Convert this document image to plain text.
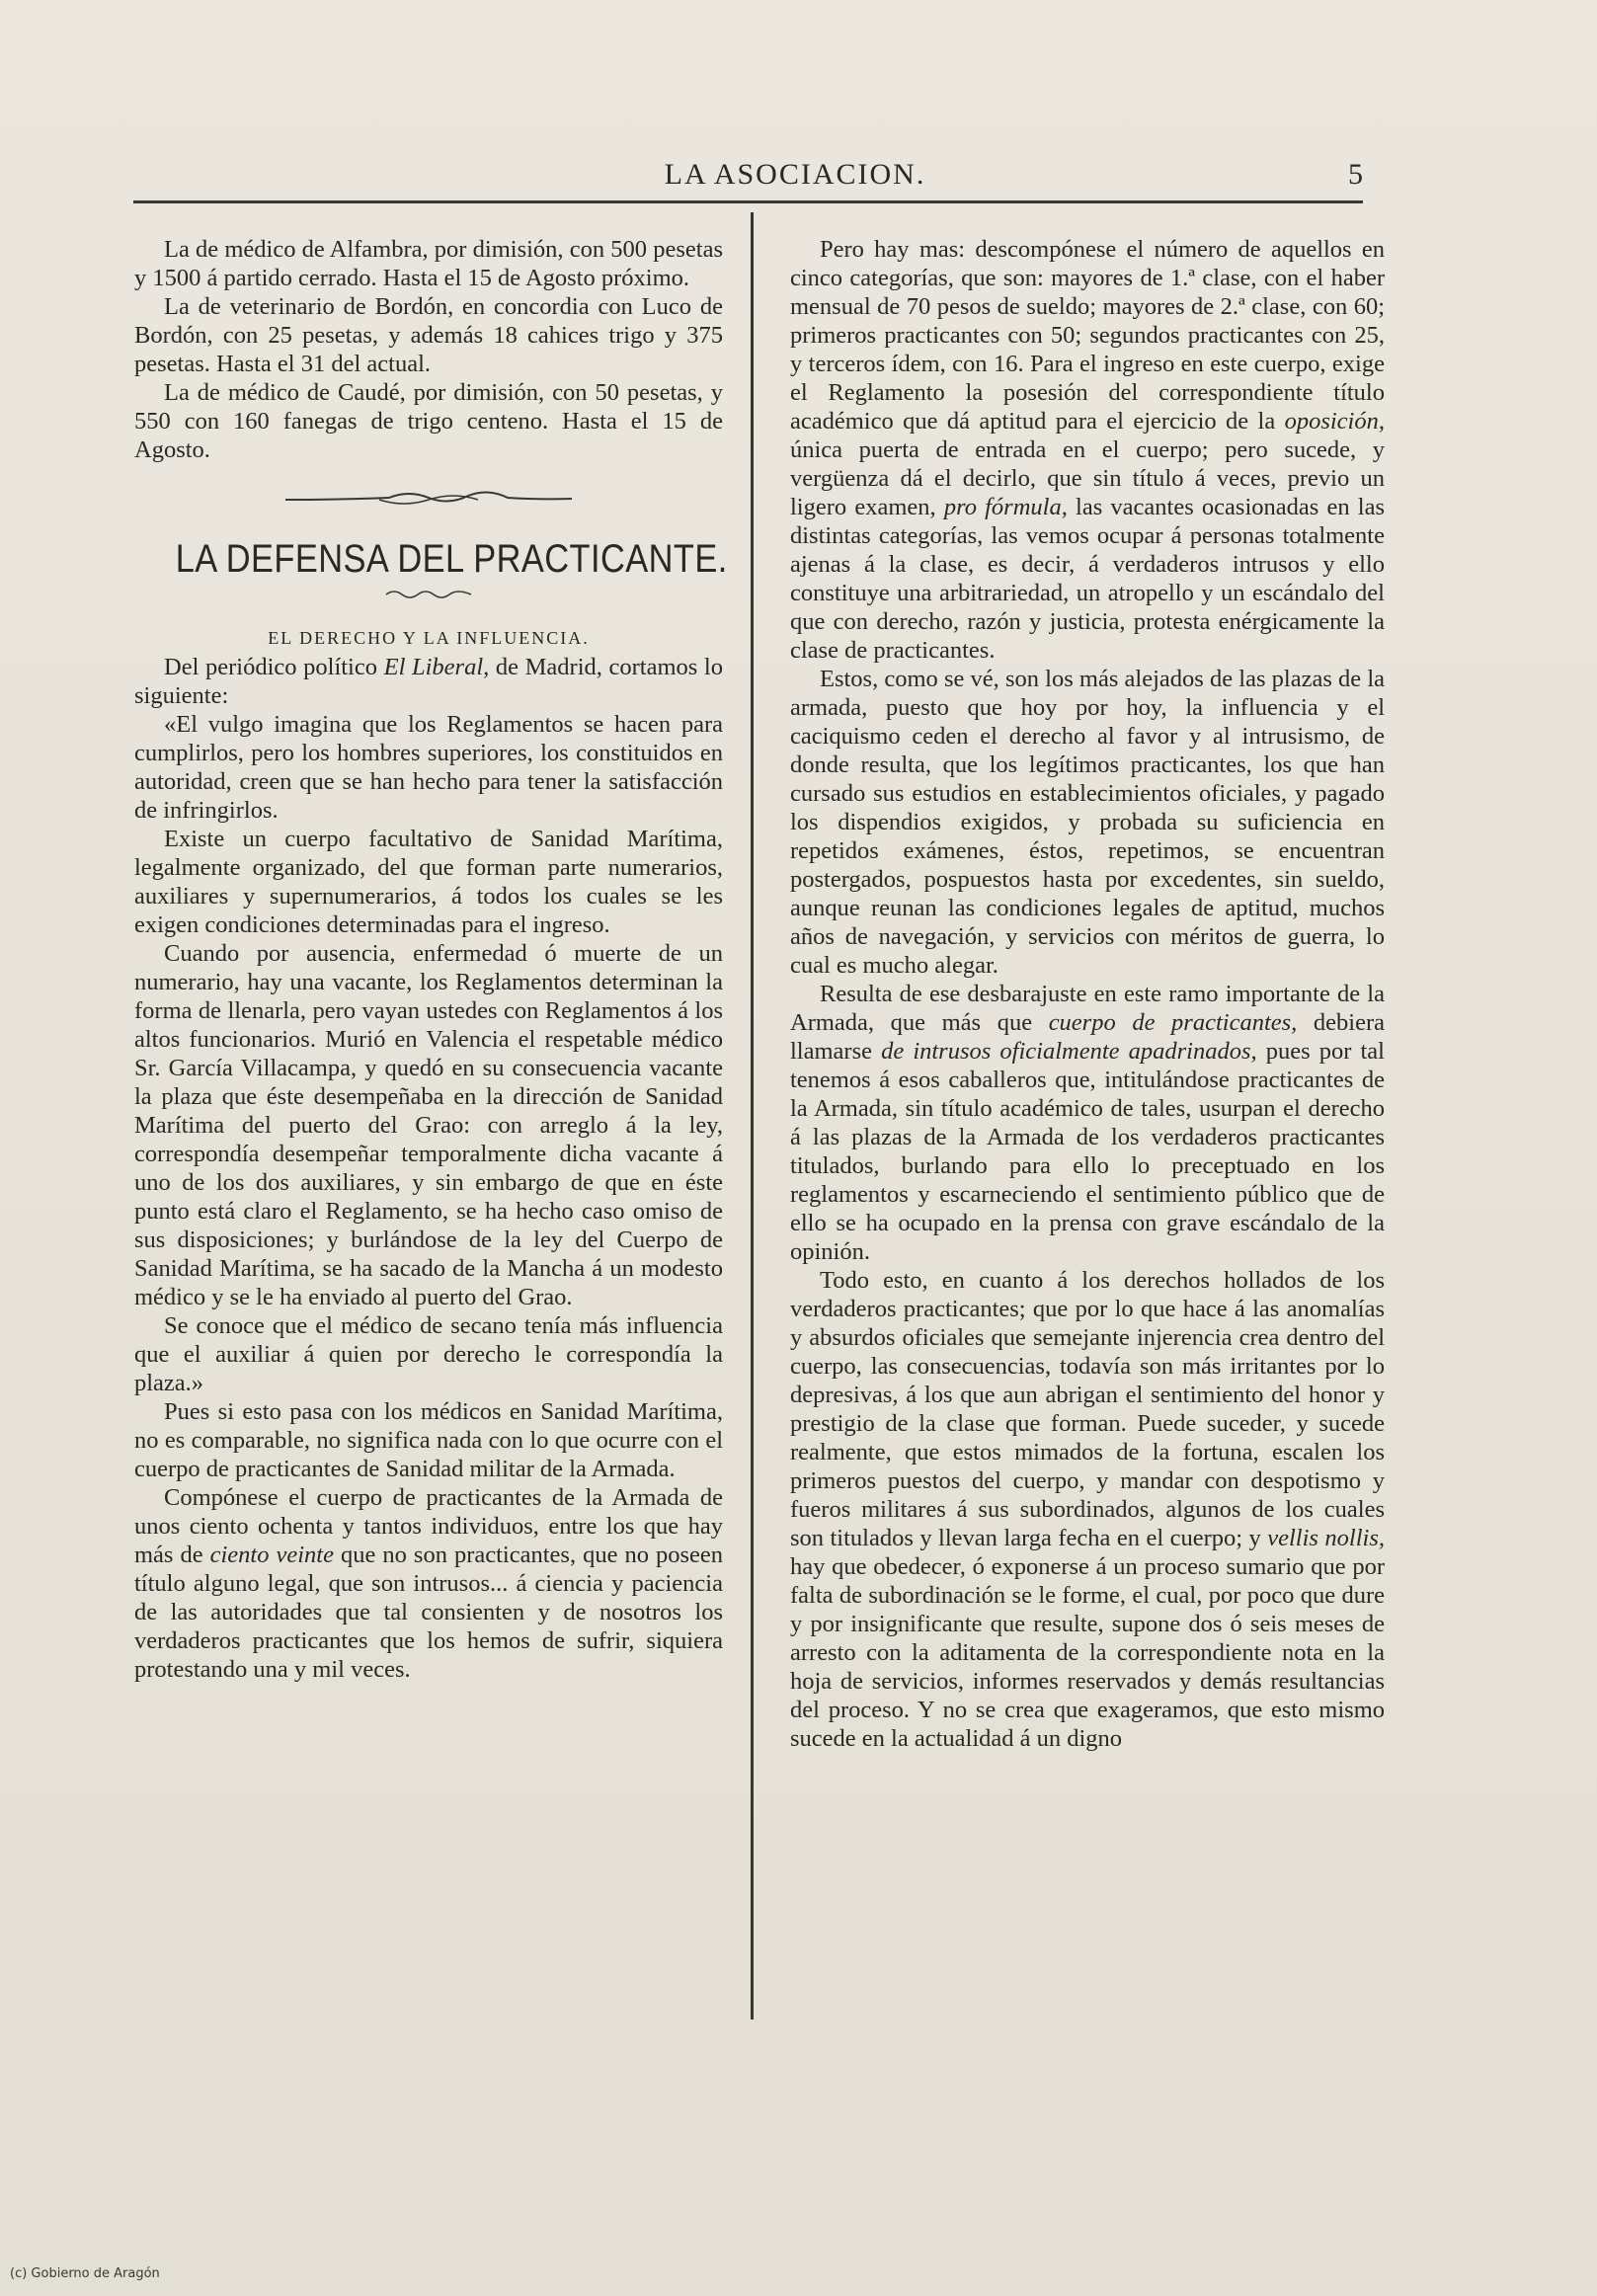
LA ASOCIACION.	5

La de médico de Alfambra, por dimisión, con 500 pesetas y 1500 á partido cerrado. Hasta el 15 de Agosto próximo.

La de veterinario de Bordón, en concordia con Luco de Bordón, con 25 pesetas, y además 18 cahices trigo y 375 pesetas. Hasta el 31 del actual.

La de médico de Caudé, por dimisión, con 50 pesetas, y 550 con 160 fanegas de trigo centeno. Hasta el 15 de Agosto.

LA DEFENSA DEL PRACTICANTE.

EL DERECHO Y LA INFLUENCIA.

Del periódico político El Liberal, de Madrid, cortamos lo siguiente:

«El vulgo imagina que los Reglamentos se hacen para cumplirlos, pero los hombres superiores, los constituidos en autoridad, creen que se han hecho para tener la satisfacción de infringirlos.

Existe un cuerpo facultativo de Sanidad Marítima, legalmente organizado, del que forman parte numerarios, auxiliares y supernumerarios, á todos los cuales se les exigen condiciones determinadas para el ingreso.

Cuando por ausencia, enfermedad ó muerte de un numerario, hay una vacante, los Reglamentos determinan la forma de llenarla, pero vayan ustedes con Reglamentos á los altos funcionarios. Murió en Valencia el respetable médico Sr. García Villacampa, y quedó en su consecuencia vacante la plaza que éste desempeñaba en la dirección de Sanidad Marítima del puerto del Grao: con arreglo á la ley, correspondía desempeñar temporalmente dicha vacante á uno de los dos auxiliares, y sin embargo de que en éste punto está claro el Reglamento, se ha hecho caso omiso de sus disposiciones; y burlándose de la ley del Cuerpo de Sanidad Marítima, se ha sacado de la Mancha á un modesto médico y se le ha enviado al puerto del Grao.

Se conoce que el médico de secano tenía más influencia que el auxiliar á quien por derecho le correspondía la plaza.»

Pues si esto pasa con los médicos en Sanidad Marítima, no es comparable, no significa nada con lo que ocurre con el cuerpo de practicantes de Sanidad militar de la Armada.

Compónese el cuerpo de practicantes de la Armada de unos ciento ochenta y tantos individuos, entre los que hay más de ciento veinte que no son practicantes, que no poseen título alguno legal, que son intrusos... á ciencia y paciencia de las autoridades que tal consienten y de nosotros los verdaderos practicantes que los hemos de sufrir, siquiera protestando una y mil veces.

Pero hay mas: descompónese el número de aquellos en cinco categorías, que son: mayores de 1.ª clase, con el haber mensual de 70 pesos de sueldo; mayores de 2.ª clase, con 60; primeros practicantes con 50; segundos practicantes con 25, y terceros ídem, con 16. Para el ingreso en este cuerpo, exige el Reglamento la posesión del correspondiente título académico que dá aptitud para el ejercicio de la oposición, única puerta de entrada en el cuerpo; pero sucede, y vergüenza dá el decirlo, que sin título á veces, previo un ligero examen, pro fórmula, las vacantes ocasionadas en las distintas categorías, las vemos ocupar á personas totalmente ajenas á la clase, es decir, á verdaderos intrusos y ello constituye una arbitrariedad, un atropello y un escándalo del que con derecho, razón y justicia, protesta enérgicamente la clase de practicantes.

Estos, como se vé, son los más alejados de las plazas de la armada, puesto que hoy por hoy, la influencia y el caciquismo ceden el derecho al favor y al intrusismo, de donde resulta, que los legítimos practicantes, los que han cursado sus estudios en establecimientos oficiales, y pagado los dispendios exigidos, y probada su suficiencia en repetidos exámenes, éstos, repetimos, se encuentran postergados, pospuestos hasta por excedentes, sin sueldo, aunque reunan las condiciones legales de aptitud, muchos años de navegación, y servicios con méritos de guerra, lo cual es mucho alegar.

Resulta de ese desbarajuste en este ramo importante de la Armada, que más que cuerpo de practicantes, debiera llamarse de intrusos oficialmente apadrinados, pues por tal tenemos á esos caballeros que, intitulándose practicantes de la Armada, sin título académico de tales, usurpan el derecho á las plazas de la Armada de los verdaderos practicantes titulados, burlando para ello lo preceptuado en los reglamentos y escarneciendo el sentimiento público que de ello se ha ocupado en la prensa con grave escándalo de la opinión.

Todo esto, en cuanto á los derechos hollados de los verdaderos practicantes; que por lo que hace á las anomalías y absurdos oficiales que semejante injerencia crea dentro del cuerpo, las consecuencias, todavía son más irritantes por lo depresivas, á los que aun abrigan el sentimiento del honor y prestigio de la clase que forman. Puede suceder, y sucede realmente, que estos mimados de la fortuna, escalen los primeros puestos del cuerpo, y mandar con despotismo y fueros militares á sus subordinados, algunos de los cuales son titulados y llevan larga fecha en el cuerpo; y vellis nollis, hay que obedecer, ó exponerse á un proceso sumario que por falta de subordinación se le forme, el cual, por poco que dure y por insignificante que resulte, supone dos ó seis meses de arresto con la aditamenta de la correspondiente nota en la hoja de servicios, informes reservados y demás resultancias del proceso. Y no se crea que exageramos, que esto mismo sucede en la actualidad á un digno

(c) Gobierno de Aragón
